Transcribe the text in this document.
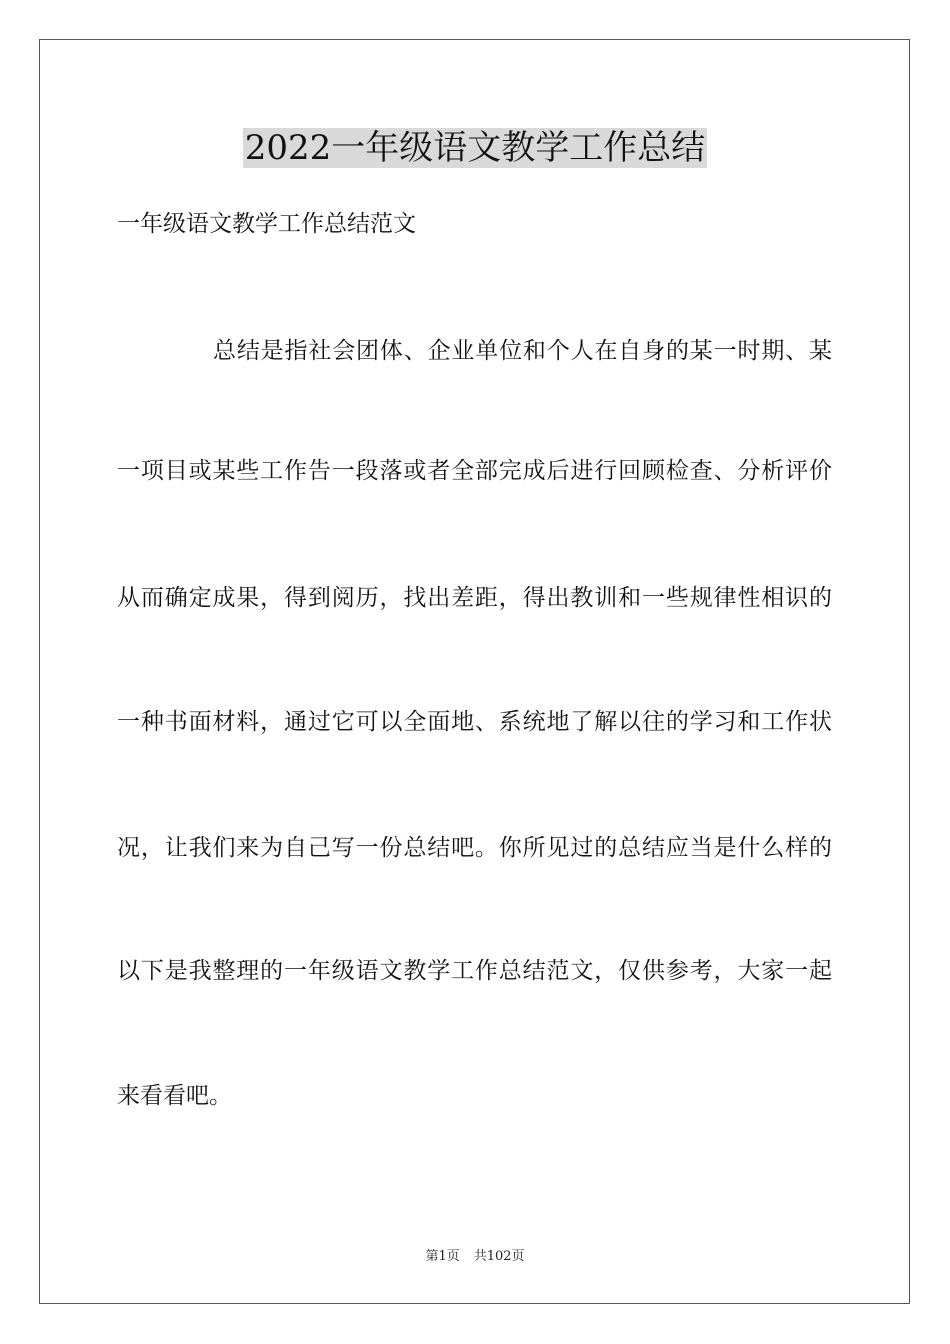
2022一年级语文教学工作总结
一年级语文教学工作总结范文
总结是指社会团体、企业单位和个人在自身的某一时期、某
一项目或某些工作告一段落或者全部完成后进行回顾检查、分析评价
从而确定成果，得到阅历，找出差距，得出教训和一些规律性相识的
一种书面材料，通过它可以全面地、系统地了解以往的学习和工作状
况，让我们来为自己写一份总结吧。你所见过的总结应当是什么样的
以下是我整理的一年级语文教学工作总结范文，仅供参考，大家一起
来看看吧。
第1页 共102页
